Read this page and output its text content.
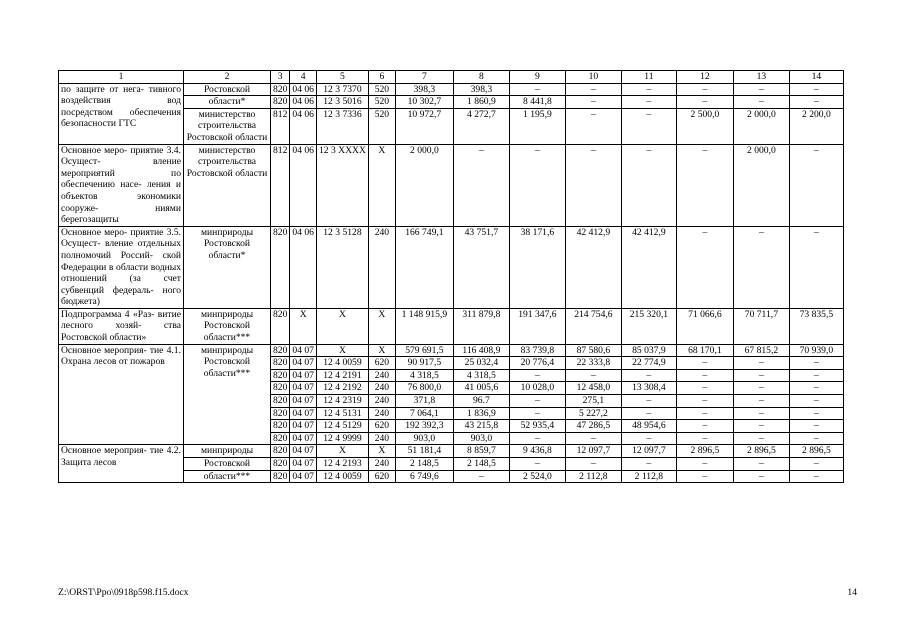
1	2	3	4	5	6	7	8	9	10	11	12	13	14
по защите от нега- тивного воздействия вод посредством обеспечения безопасности ГТС	Ростовской	820	04 06	12 3 7370	520	398,3	398,3	–	–	–	–	–	–
	области*	820	04 06	12 3 5016	520	10 302,7	1 860,9	8 441,8	–	–	–	–	–
	министерство строительства Ростовской области	812	04 06	12 3 7336	520	10 972,7	4 272,7	1 195,9	–	–	2 500,0	2 000,0	2 200,0
Основное меро- приятие 3.4. Осущест- вление мероприятий по обеспечению насе- ления и объектов экономики сооруже- ниями берегозащиты	министерство строительства Ростовской области	812	04 06	12 3 XXXX	X	2 000,0	–	–	–	–	–	2 000,0	–
Основное меро- приятие 3.5. Осущест- вление отдельных полномочий Россий- ской Федерации в области водных отношений (за счет субвенций федераль- ного бюджета)	минприроды Ростовской области*	820	04 06	12 3 5128	240	166 749,1	43 751,7	38 171,6	42 412,9	42 412,9	–	–	–
Подпрограмма 4 «Раз- витие лесного хозяй- ства Ростовской области»	минприроды Ростовской области***	820	X	X	X	1 148 915,9	311 879,8	191 347,6	214 754,6	215 320,1	71 066,6	70 711,7	73 835,5
Основное мероприя- тие 4.1. Охрана лесов от пожаров	минприроды Ростовской области***	820	04 07	X	X	579 691,5	116 408,9	83 739,8	87 580,6	85 037,9	68 170,1	67 815,2	70 939,0
		820	04 07	12 4 0059	620	90 917,5	25 032,4	20 776,4	22 333,8	22 774,9	–	–	–
		820	04 07	12 4 2191	240	4 318,5	4 318,5	–	–	–	–	–	–
		820	04 07	12 4 2192	240	76 800,0	41 005,6	10 028,0	12 458,0	13 308,4	–	–	–
		820	04 07	12 4 2319	240	371,8	96.7	–	275,1	–	–	–	–
		820	04 07	12 4 5131	240	7 064,1	1 836,9	–	5 227,2	–	–	–	–
		820	04 07	12 4 5129	620	192 392,3	43 215,8	52 935,4	47 286,5	48 954,6	–	–	–
		820	04 07	12 4 9999	240	903,0	903,0	–	–	–	–	–	–
Основное мероприя- тие 4.2. Защита лесов	минприроды	820	04 07	X	X	51 181,4	8 859,7	9 436,8	12 097,7	12 097,7	2 896,5	2 896,5	2 896,5
	Ростовской	820	04 07	12 4 2193	240	2 148,5	2 148,5	–	–	–	–	–	–
	области***	820	04 07	12 4 0059	620	6 749,6	–	2 524,0	2 112,8	2 112,8	–	–	–
Z:\ORST\Ppo\0918p598.f15.docx	14
